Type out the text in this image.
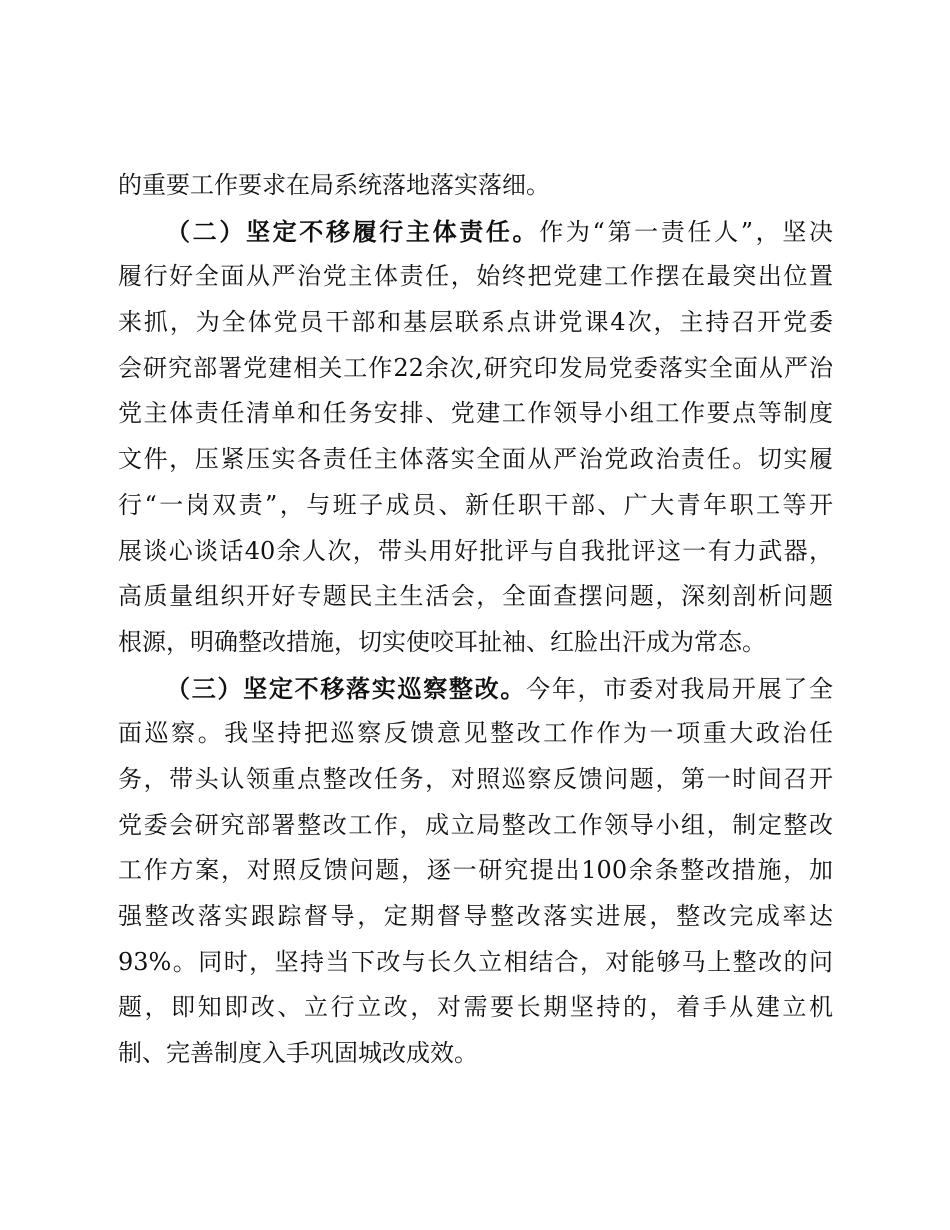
的重要工作要求在局系统落地落实落细。
（二）坚定不移履行主体责任。作为“第一责任人”，坚决
履行好全面从严治党主体责任，始终把党建工作摆在最突出位置
来抓，为全体党员干部和基层联系点讲党课4次，主持召开党委
会研究部署党建相关工作22余次,研究印发局党委落实全面从严治
党主体责任清单和任务安排、党建工作领导小组工作要点等制度
文件，压紧压实各责任主体落实全面从严治党政治责任。切实履
行“一岗双责”，与班子成员、新任职干部、广大青年职工等开
展谈心谈话40余人次，带头用好批评与自我批评这一有力武器，
高质量组织开好专题民主生活会，全面查摆问题，深刻剖析问题
根源，明确整改措施，切实使咬耳扯袖、红脸出汗成为常态。
（三）坚定不移落实巡察整改。今年，市委对我局开展了全
面巡察。我坚持把巡察反馈意见整改工作作为一项重大政治任
务，带头认领重点整改任务，对照巡察反馈问题，第一时间召开
党委会研究部署整改工作，成立局整改工作领导小组，制定整改
工作方案，对照反馈问题，逐一研究提出100余条整改措施，加
强整改落实跟踪督导，定期督导整改落实进展，整改完成率达
93%。同时，坚持当下改与长久立相结合，对能够马上整改的问
题，即知即改、立行立改，对需要长期坚持的，着手从建立机
制、完善制度入手巩固城改成效。
